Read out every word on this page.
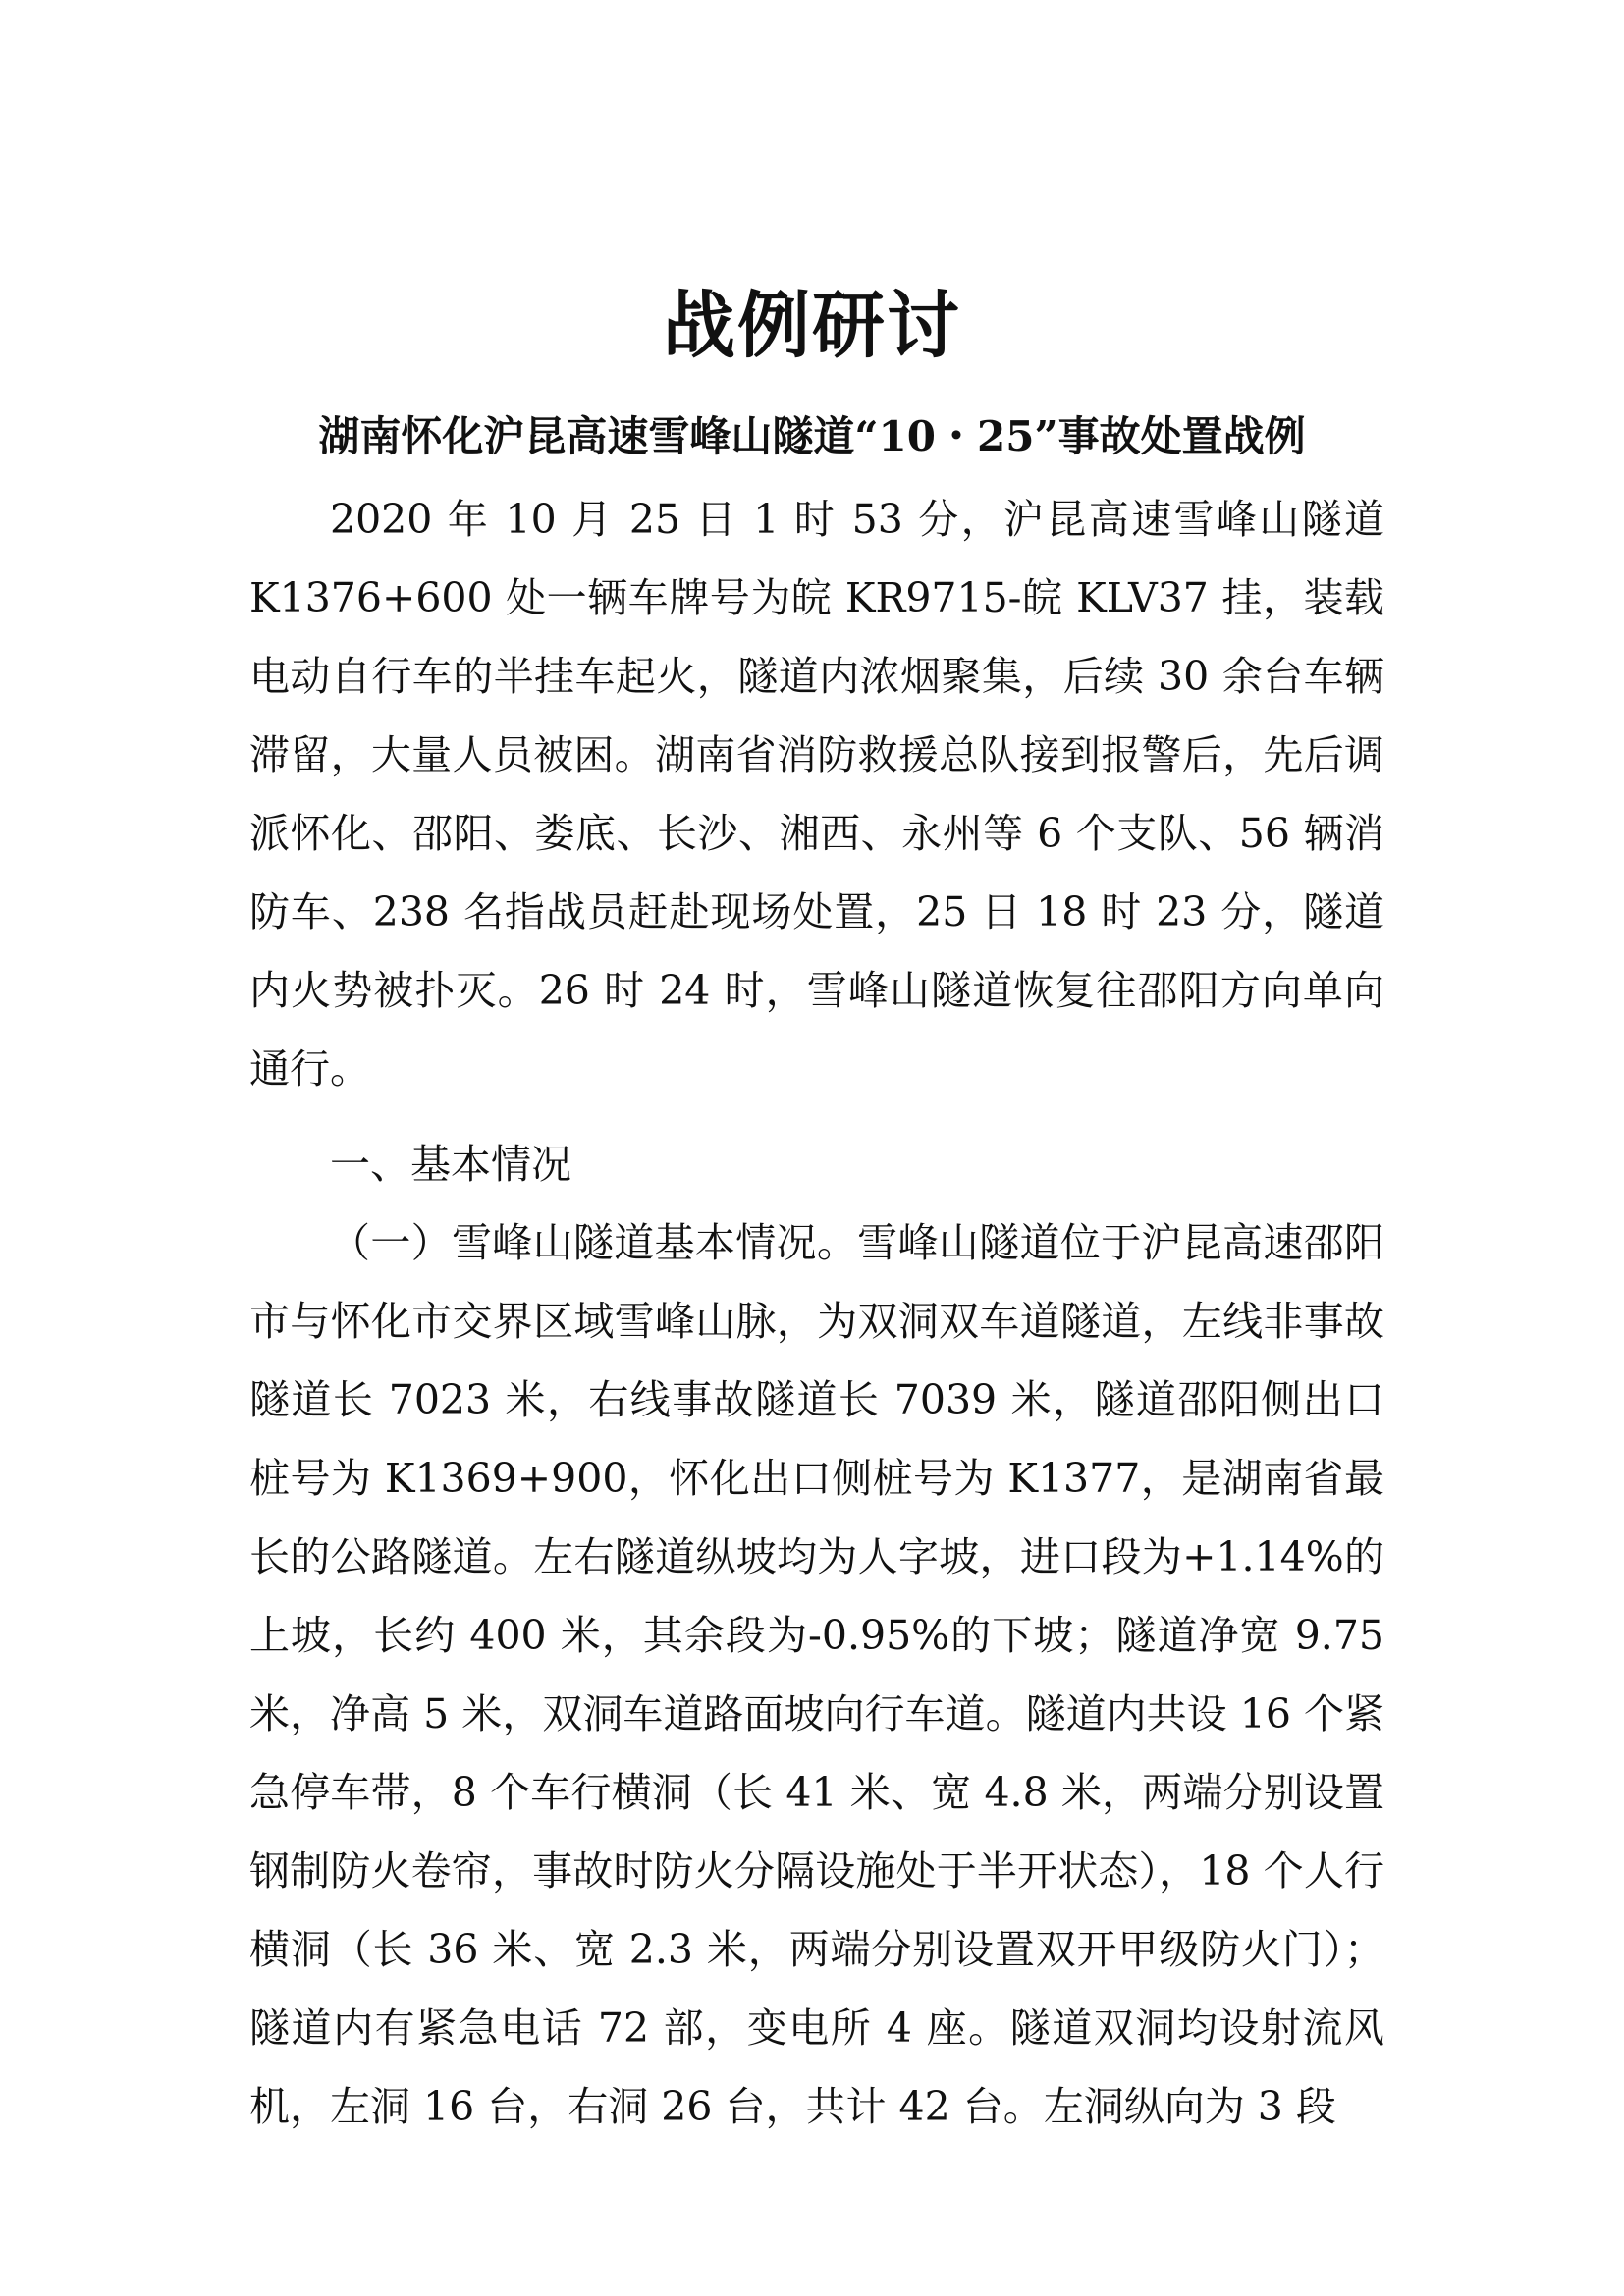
战例研讨
湖南怀化沪昆高速雪峰山隧道“10・25”事故处置战例

2020 年 10 月 25 日 1 时 53 分，沪昆高速雪峰山隧道 K1376+600 处一辆车牌号为皖 KR9715-皖 KLV37 挂，装载电动自行车的半挂车起火，隧道内浓烟聚集，后续 30 余台车辆滞留，大量人员被困。湖南省消防救援总队接到报警后，先后调派怀化、邵阳、娄底、长沙、湘西、永州等 6 个支队、56 辆消防车、238 名指战员赶赴现场处置，25 日 18 时 23 分，隧道内火势被扑灭。26 时 24 时，雪峰山隧道恢复往邵阳方向单向通行。

一、基本情况

（一）雪峰山隧道基本情况。雪峰山隧道位于沪昆高速邵阳市与怀化市交界区域雪峰山脉，为双洞双车道隧道，左线非事故隧道长 7023 米，右线事故隧道长 7039 米，隧道邵阳侧出口桩号为 K1369+900，怀化出口侧桩号为 K1377，是湖南省最长的公路隧道。左右隧道纵坡均为人字坡，进口段为+1.14%的上坡，长约 400 米，其余段为-0.95%的下坡；隧道净宽 9.75 米，净高 5 米，双洞车道路面坡向行车道。隧道内共设 16 个紧急停车带，8 个车行横洞（长 41 米、宽 4.8 米，两端分别设置钢制防火卷帘，事故时防火分隔设施处于半开状态），18 个人行横洞（长 36 米、宽 2.3 米，两端分别设置双开甲级防火门）；隧道内有紧急电话 72 部，变电所 4 座。隧道双洞均设射流风机，左洞 16 台，右洞 26 台，共计 42 台。左洞纵向为 3 段
